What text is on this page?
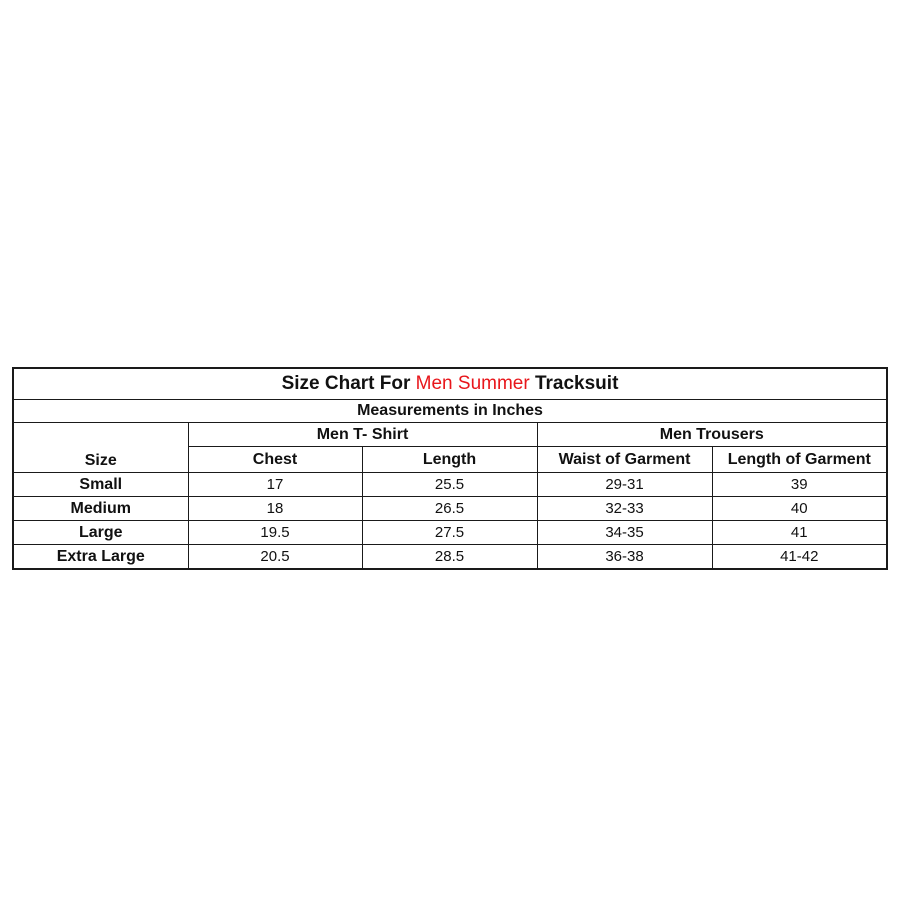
Size Chart For Men Summer Tracksuit				
Measurements in Inches				
Size	Men T- Shirt		Men Trousers	
	Chest	Length	Waist of Garment	Length of Garment
Small	17	25.5	29-31	39
Medium	18	26.5	32-33	40
Large	19.5	27.5	34-35	41
Extra Large	20.5	28.5	36-38	41-42
